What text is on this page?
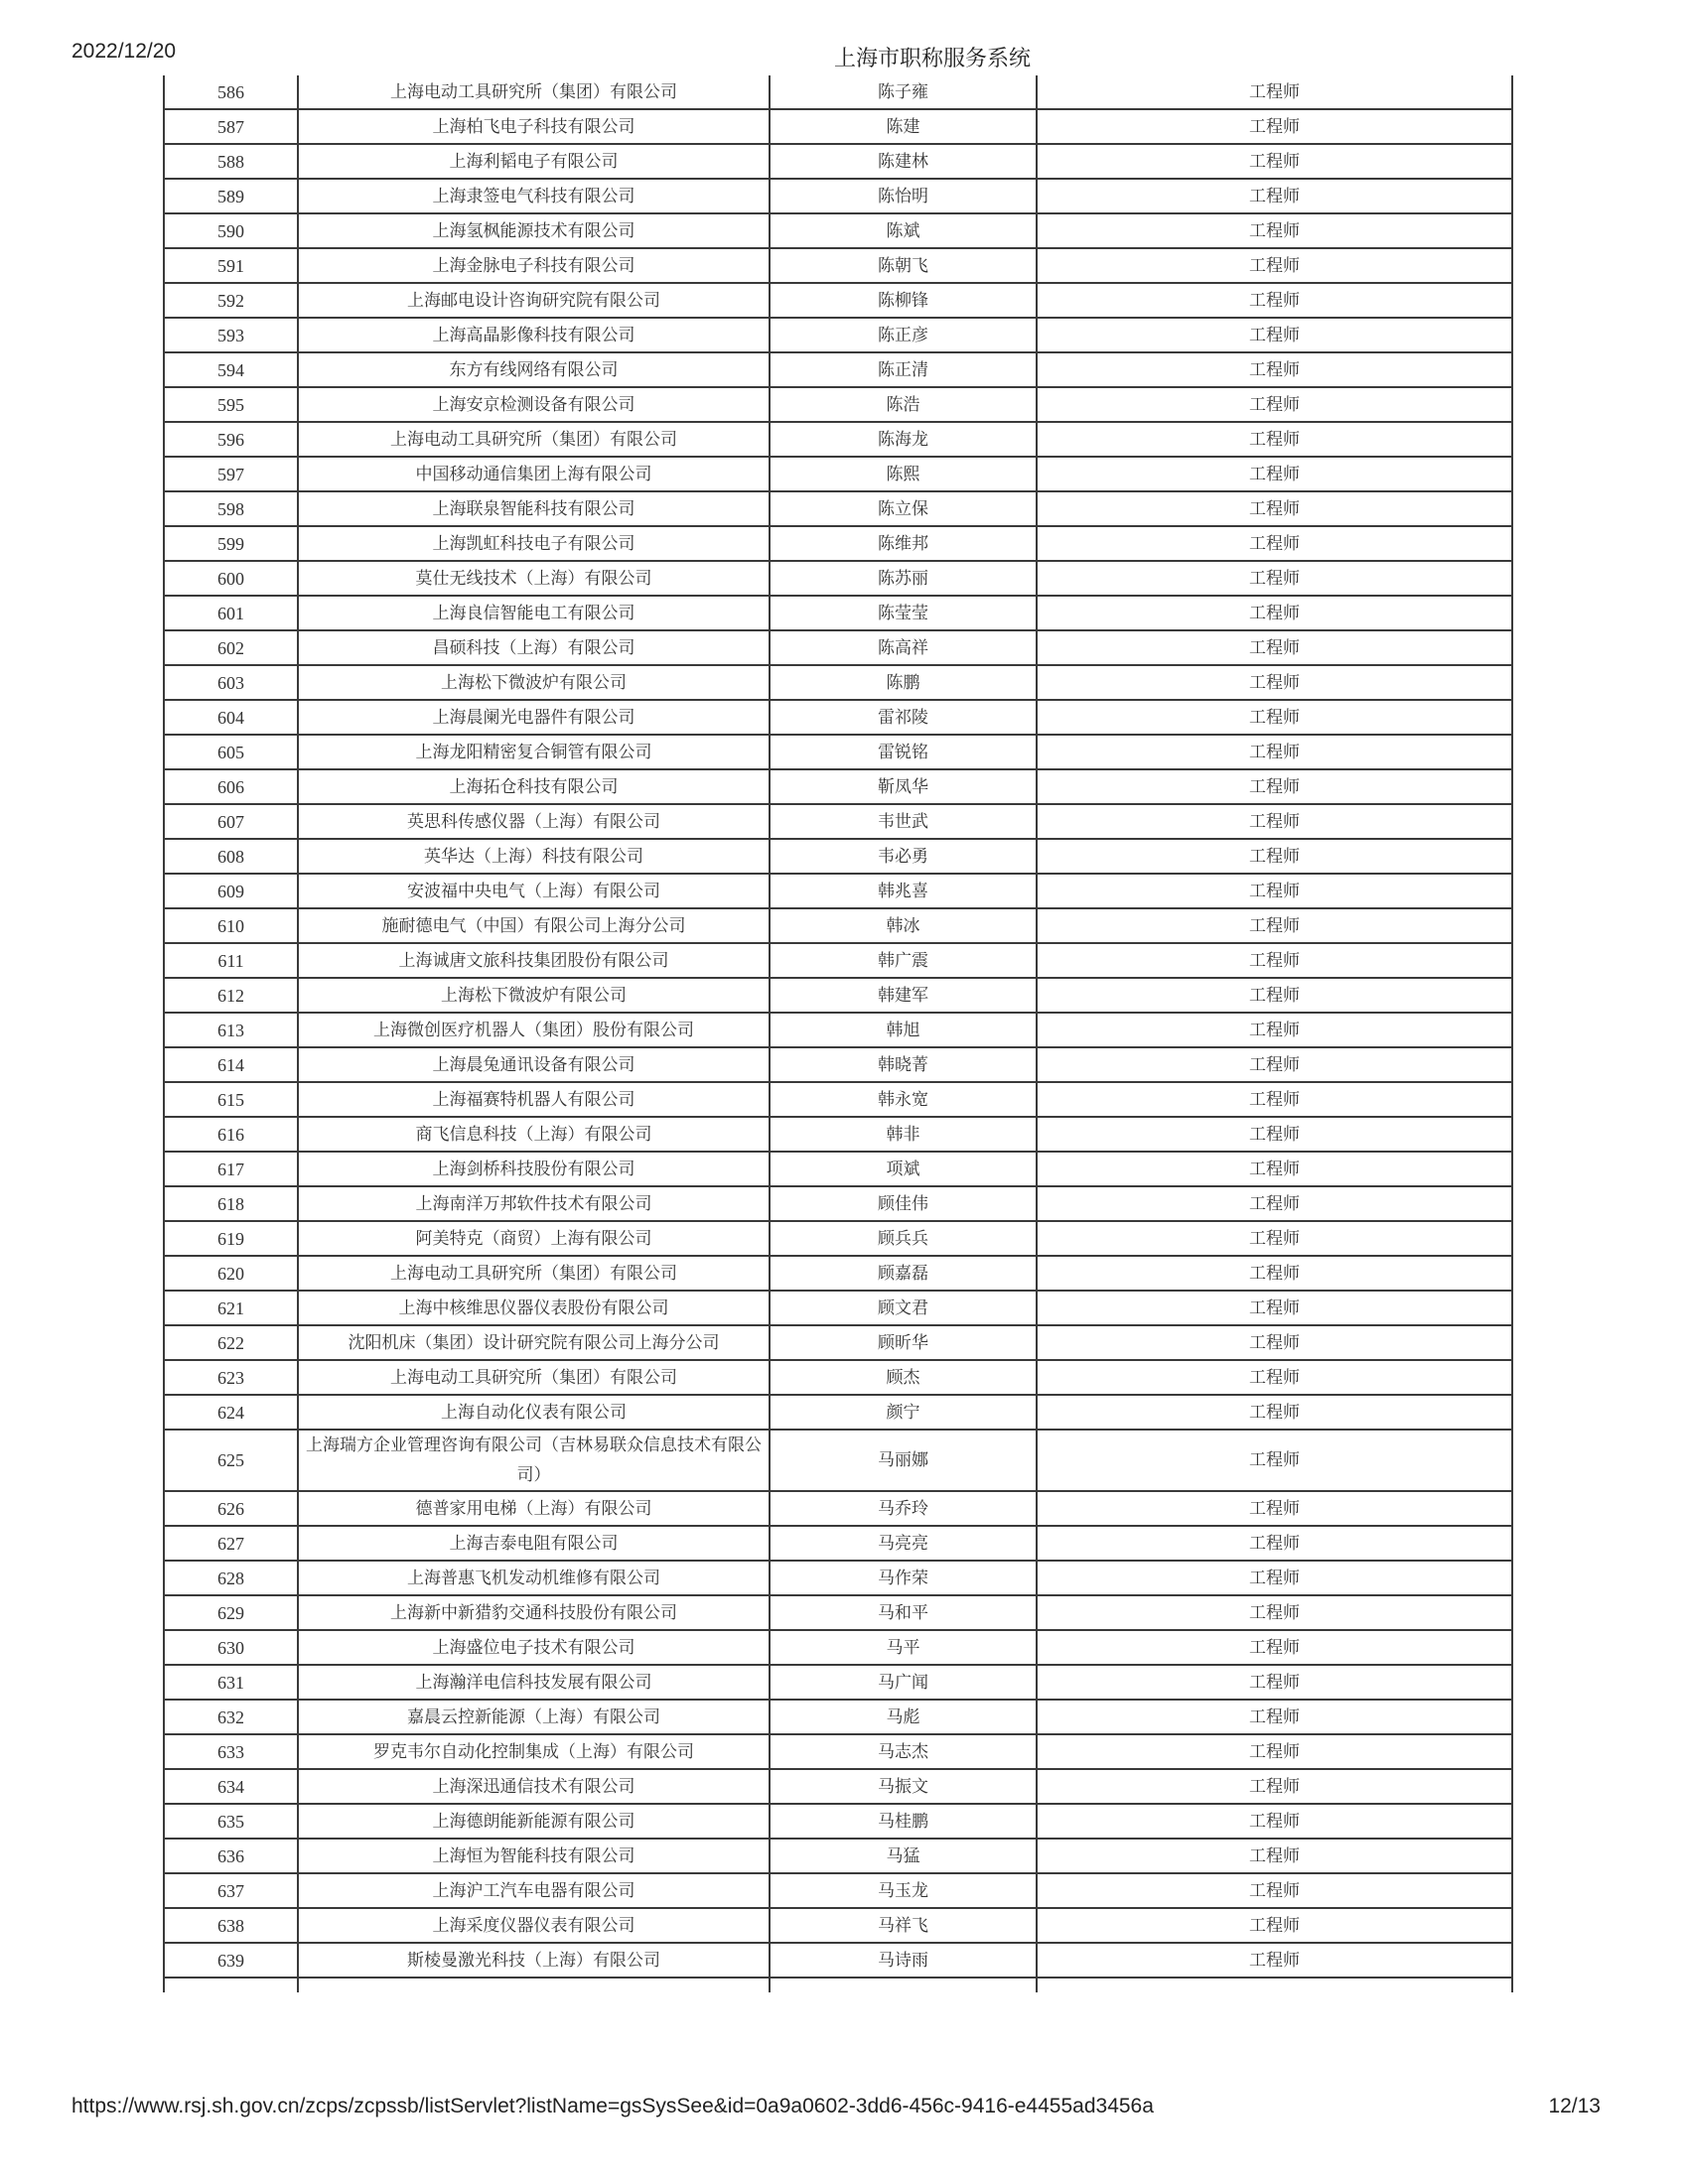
2022/12/20	上海市职称服务系统
586	上海电动工具研究所（集团）有限公司	陈子雍	工程师
587	上海柏飞电子科技有限公司	陈建	工程师
588	上海利韬电子有限公司	陈建林	工程师
589	上海隶签电气科技有限公司	陈怡明	工程师
590	上海氢枫能源技术有限公司	陈斌	工程师
591	上海金脉电子科技有限公司	陈朝飞	工程师
592	上海邮电设计咨询研究院有限公司	陈柳锋	工程师
593	上海高晶影像科技有限公司	陈正彦	工程师
594	东方有线网络有限公司	陈正清	工程师
595	上海安京检测设备有限公司	陈浩	工程师
596	上海电动工具研究所（集团）有限公司	陈海龙	工程师
597	中国移动通信集团上海有限公司	陈熙	工程师
598	上海联泉智能科技有限公司	陈立保	工程师
599	上海凯虹科技电子有限公司	陈维邦	工程师
600	莫仕无线技术（上海）有限公司	陈苏丽	工程师
601	上海良信智能电工有限公司	陈莹莹	工程师
602	昌硕科技（上海）有限公司	陈高祥	工程师
603	上海松下微波炉有限公司	陈鹏	工程师
604	上海晨阑光电器件有限公司	雷祁陵	工程师
605	上海龙阳精密复合铜管有限公司	雷锐铭	工程师
606	上海拓仓科技有限公司	靳凤华	工程师
607	英思科传感仪器（上海）有限公司	韦世武	工程师
608	英华达（上海）科技有限公司	韦必勇	工程师
609	安波福中央电气（上海）有限公司	韩兆喜	工程师
610	施耐德电气（中国）有限公司上海分公司	韩冰	工程师
611	上海诚唐文旅科技集团股份有限公司	韩广震	工程师
612	上海松下微波炉有限公司	韩建军	工程师
613	上海微创医疗机器人（集团）股份有限公司	韩旭	工程师
614	上海晨兔通讯设备有限公司	韩晓菁	工程师
615	上海福赛特机器人有限公司	韩永宽	工程师
616	商飞信息科技（上海）有限公司	韩非	工程师
617	上海剑桥科技股份有限公司	项斌	工程师
618	上海南洋万邦软件技术有限公司	顾佳伟	工程师
619	阿美特克（商贸）上海有限公司	顾兵兵	工程师
620	上海电动工具研究所（集团）有限公司	顾嘉磊	工程师
621	上海中核维思仪器仪表股份有限公司	顾文君	工程师
622	沈阳机床（集团）设计研究院有限公司上海分公司	顾昕华	工程师
623	上海电动工具研究所（集团）有限公司	顾杰	工程师
624	上海自动化仪表有限公司	颜宁	工程师
625	上海瑞方企业管理咨询有限公司（吉林易联众信息技术有限公司）	马丽娜	工程师
626	德普家用电梯（上海）有限公司	马乔玲	工程师
627	上海吉泰电阻有限公司	马亮亮	工程师
628	上海普惠飞机发动机维修有限公司	马作荣	工程师
629	上海新中新猎豹交通科技股份有限公司	马和平	工程师
630	上海盛位电子技术有限公司	马平	工程师
631	上海瀚洋电信科技发展有限公司	马广闻	工程师
632	嘉晨云控新能源（上海）有限公司	马彪	工程师
633	罗克韦尔自动化控制集成（上海）有限公司	马志杰	工程师
634	上海深迅通信技术有限公司	马振文	工程师
635	上海德朗能新能源有限公司	马桂鹏	工程师
636	上海恒为智能科技有限公司	马猛	工程师
637	上海沪工汽车电器有限公司	马玉龙	工程师
638	上海采度仪器仪表有限公司	马祥飞	工程师
639	斯棱曼激光科技（上海）有限公司	马诗雨	工程师

https://www.rsj.sh.gov.cn/zcps/zcpssb/listServlet?listName=gsSysSee&id=0a9a0602-3dd6-456c-9416-e4455ad3456a	12/13
